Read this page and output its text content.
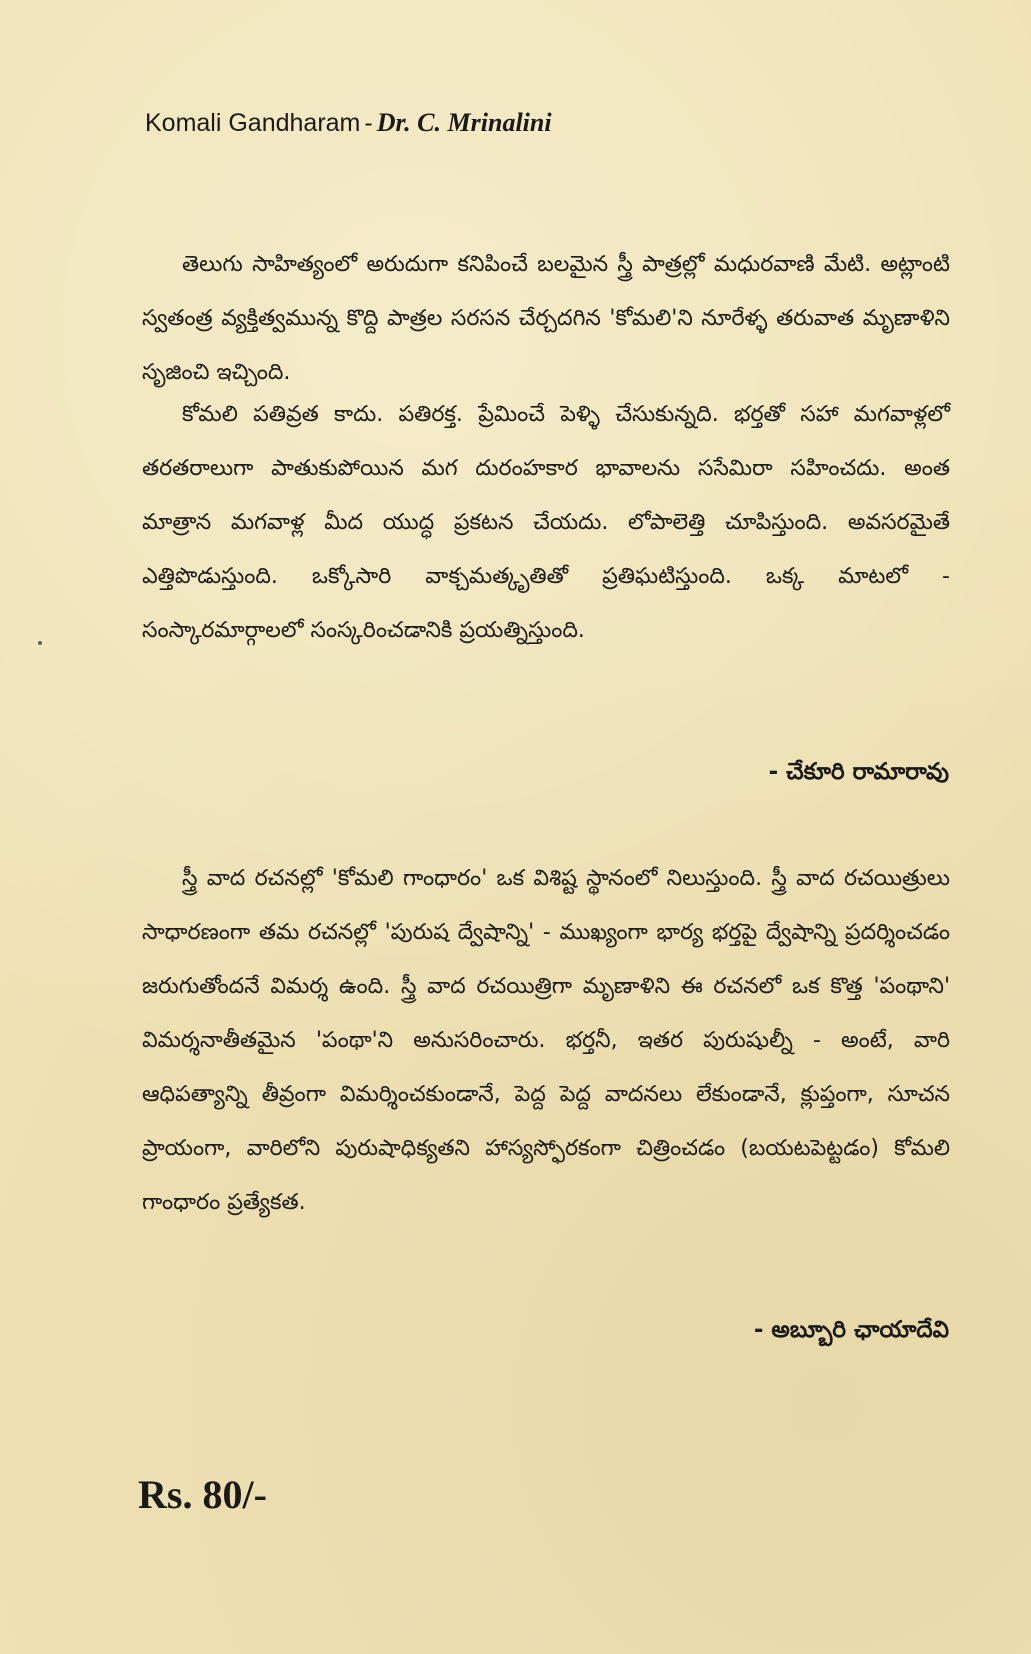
Komali Gandharam - Dr. C. Mrinalini

తెలుగు సాహిత్యంలో అరుదుగా కనిపించే బలమైన స్త్రీ పాత్రల్లో మధురవాణి మేటి. అట్లాంటి స్వతంత్ర వ్యక్తిత్వమున్న కొద్ది పాత్రల సరసన చేర్చదగిన 'కోమలి'ని నూరేళ్ళ తరువాత మృణాళిని సృజించి ఇచ్చింది.

కోమలి పతివ్రత కాదు. పతిరక్త. ప్రేమించే పెళ్ళి చేసుకున్నది. భర్తతో సహా మగవాళ్లలో తరతరాలుగా పాతుకుపోయిన మగ దురంహకార భావాలను ససేమిరా సహించదు. అంత మాత్రాన మగవాళ్ల మీద యుద్ధ ప్రకటన చేయదు. లోపాలెత్తి చూపిస్తుంది. అవసరమైతే ఎత్తిపొడుస్తుంది. ఒక్కోసారి వాక్చమత్కృతితో ప్రతిఘటిస్తుంది. ఒక్క మాటలో - సంస్కారమార్గాలలో సంస్కరించడానికి ప్రయత్నిస్తుంది.

- చేకూరి రామారావు

స్త్రీ వాద రచనల్లో 'కోమలి గాంధారం' ఒక విశిష్ట స్థానంలో నిలుస్తుంది. స్త్రీ వాద రచయిత్రులు సాధారణంగా తమ రచనల్లో 'పురుష ద్వేషాన్ని' - ముఖ్యంగా భార్య భర్తపై ద్వేషాన్ని ప్రదర్శించడం జరుగుతోందనే విమర్శ ఉంది. స్త్రీ వాద రచయిత్రిగా మృణాళిని ఈ రచనలో ఒక కొత్త 'పంథాని' విమర్శనాతీతమైన 'పంథా'ని అనుసరించారు. భర్తనీ, ఇతర పురుషుల్నీ - అంటే, వారి ఆధిపత్యాన్ని తీవ్రంగా విమర్శించకుండానే, పెద్ద పెద్ద వాదనలు లేకుండానే, క్లుప్తంగా, సూచన ప్రాయంగా, వారిలోని పురుషాధిక్యతని హాస్యస్ఫోరకంగా చిత్రించడం (బయటపెట్టడం) కోమలి గాంధారం ప్రత్యేకత.

- అబ్బూరి ఛాయాదేవి
Rs. 80/-
